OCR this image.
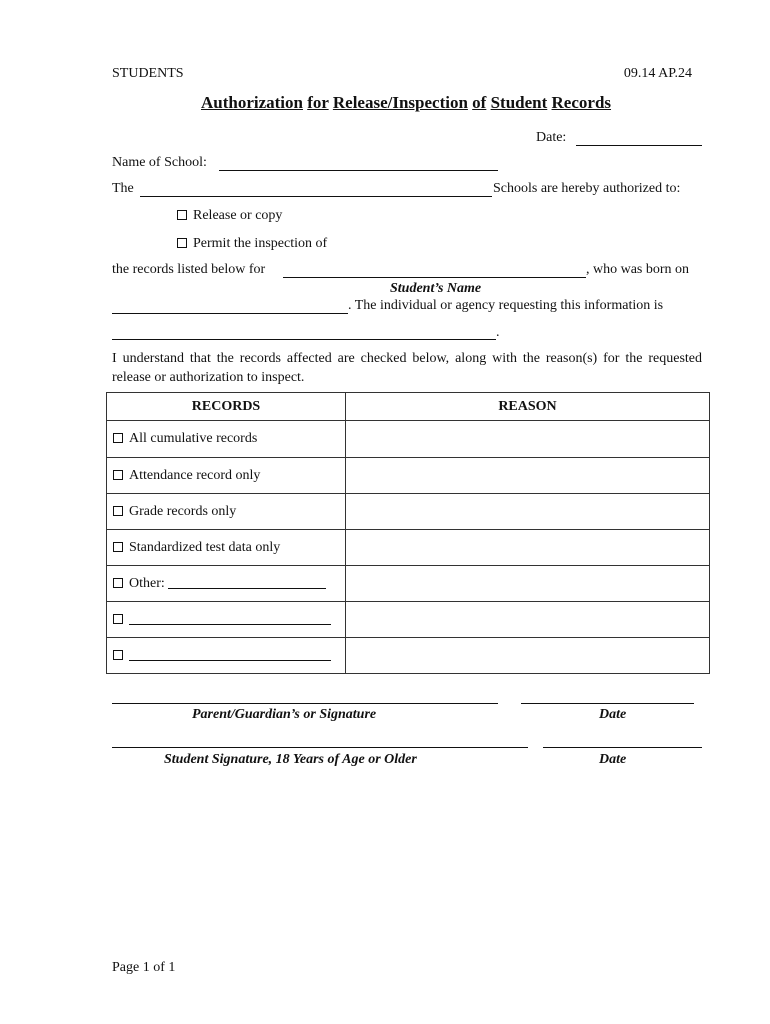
STUDENTS	09.14 AP.24
Authorization for Release/Inspection of Student Records
Date:
Name of School:
The	Schools are hereby authorized to:
Release or copy
Permit the inspection of
the records listed below for	, who was born on
Student’s Name
. The individual or agency requesting this information is
.
I understand that the records affected are checked below, along with the reason(s) for the requested release or authorization to inspect.
RECORDS	REASON
All cumulative records	
Attendance record only	
Grade records only	
Standardized test data only	
Other:	

Parent/Guardian’s or Signature	Date
Student Signature, 18 Years of Age or Older	Date
Page 1 of 1
